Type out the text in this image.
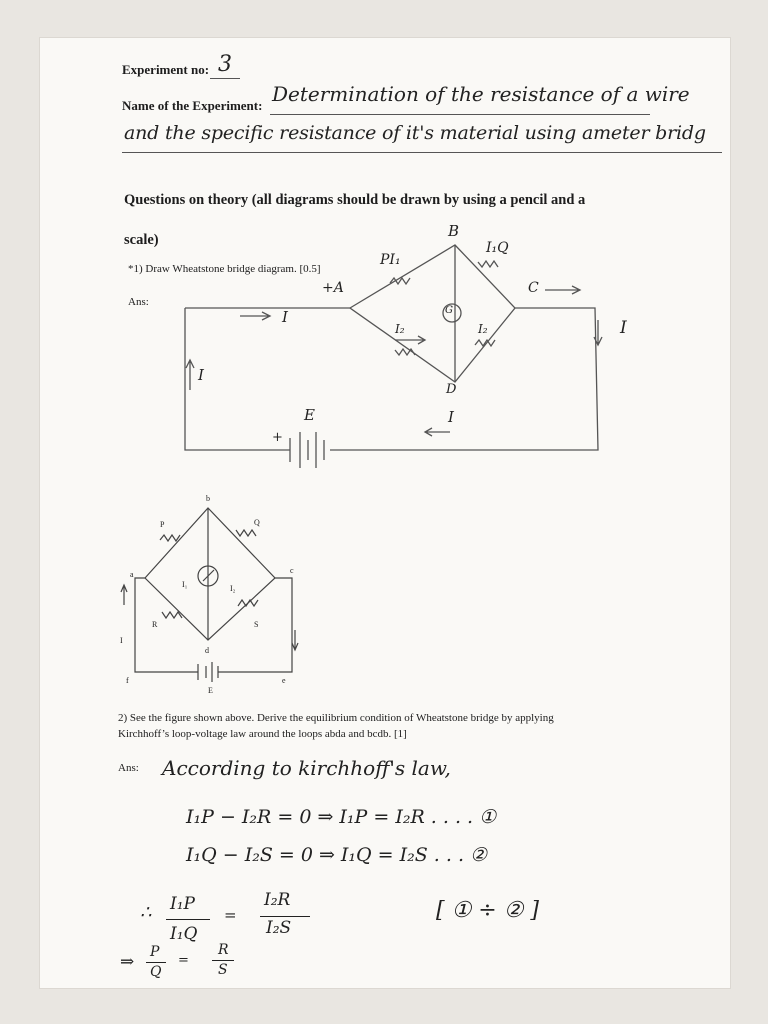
Experiment no: 3
Name of the Experiment: Determination of the resistance of a wire
and the specific resistance of it's material using ameter bridg
Questions on theory (all diagrams should be drawn by using a pencil and a
scale)
*1) Draw Wheatstone bridge diagram. [0.5]
Ans:
B
+A	C
D
PI₁
I₁Q
I₂	I₂
G
I
I
I
I
E
+
b
a	c
d
e
f
E
P	Q
R	S
I
I₁	I₂
2) See the figure shown above. Derive the equilibrium condition of Wheatstone bridge by applying
Kirchhoff’s loop-voltage law around the loops abda and bcdb. [1]
Ans: According to kirchhoff's law,
I₁P − I₂R = 0 ⇒ I₁P = I₂R . . . . ①
I₁Q − I₂S = 0 ⇒ I₁Q = I₂S . . . ②
∴ I₁P
I₁Q
=
I₂R
I₂S
[ ① ÷ ② ]
⇒ P
Q
=
R
S
